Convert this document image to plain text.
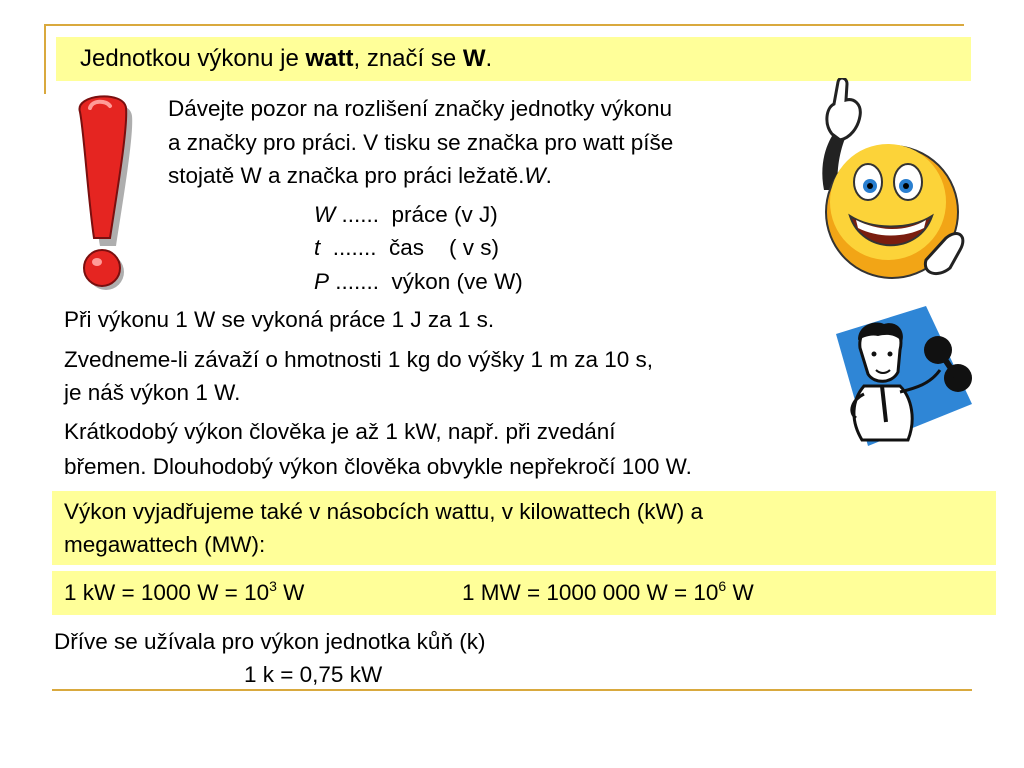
Jednotkou výkonu je watt, značí se W.
Dávejte pozor na rozlišení značky jednotky výkonu
a značky pro práci. V tisku se značka pro watt píše
stojatě W a značka pro práci ležatě.W.
W ......  práce (v J)
t  .......  čas    ( v s)
P .......  výkon (ve W)
Při výkonu 1 W se vykoná práce 1 J za 1 s.
Zvedneme-li závaží o hmotnosti 1 kg do výšky 1 m za 10 s,
je náš výkon 1 W.
Krátkodobý výkon člověka je až 1 kW, např. při zvedání
břemen. Dlouhodobý výkon člověka obvykle nepřekročí 100 W.
Výkon vyjadřujeme také v násobcích wattu, v kilowattech (kW) a
megawattech (MW):
1 kW = 1000 $W = 10^3$ W	1 MW = 1000 000 $W = 10^6$ W
Dříve se užívala pro výkon jednotka kůň (k)
1 k = 0,75 kW
